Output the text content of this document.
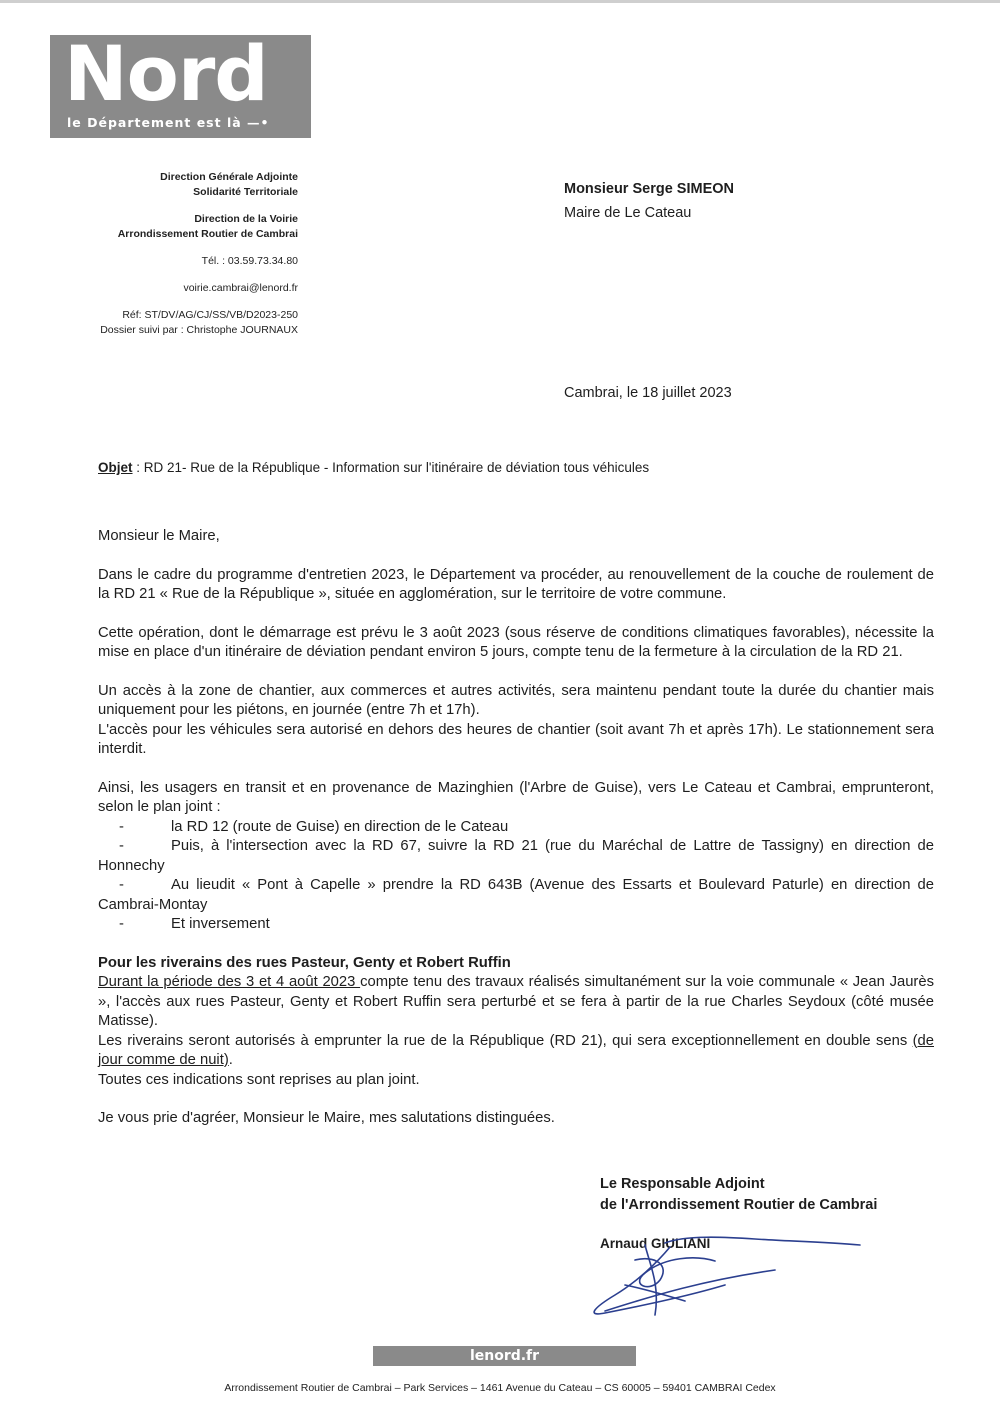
Nord
le Département est là —•
Direction Générale Adjointe
Solidarité Territoriale
Direction de la Voirie
Arrondissement Routier de Cambrai
Tél. : 03.59.73.34.80
voirie.cambrai@lenord.fr
Réf: ST/DV/AG/CJ/SS/VB/D2023-250
Dossier suivi par : Christophe JOURNAUX
Monsieur Serge SIMEON
Maire de Le Cateau
Cambrai, le 18 juillet 2023
Objet : RD 21- Rue de la République - Information sur l'itinéraire de déviation tous véhicules

Monsieur le Maire,

Dans le cadre du programme d'entretien 2023, le Département va procéder, au renouvellement de la couche de roulement de la RD 21 « Rue de la République », située en agglomération, sur le territoire de votre commune.

Cette opération, dont le démarrage est prévu le 3 août 2023 (sous réserve de conditions climatiques favorables), nécessite la mise en place d'un itinéraire de déviation pendant environ 5 jours, compte tenu de la fermeture à la circulation de la RD 21.

Un accès à la zone de chantier, aux commerces et autres activités, sera maintenu pendant toute la durée du chantier mais uniquement pour les piétons, en journée (entre 7h et 17h).

L'accès pour les véhicules sera autorisé en dehors des heures de chantier (soit avant 7h et après 17h). Le stationnement sera interdit.

Ainsi, les usagers en transit et en provenance de Mazinghien (l'Arbre de Guise), vers Le Cateau et Cambrai, emprunteront, selon le plan joint :

-	la RD 12 (route de Guise) en direction de le Cateau
-	Puis, à l'intersection avec la RD 67, suivre la RD 21 (rue du Maréchal de Lattre de Tassigny) en direction de Honnechy
-	Au lieudit « Pont à Capelle » prendre la RD 643B (Avenue des Essarts et Boulevard Paturle) en direction de Cambrai-Montay
-	Et inversement

Pour les riverains des rues Pasteur, Genty et Robert Ruffin

Durant la période des 3 et 4 août 2023 compte tenu des travaux réalisés simultanément sur la voie communale « Jean Jaurès », l'accès aux rues Pasteur, Genty et Robert Ruffin sera perturbé et se fera à partir de la rue Charles Seydoux (côté musée Matisse).

Les riverains seront autorisés à emprunter la rue de la République (RD 21), qui sera exceptionnellement en double sens (de jour comme de nuit).

Toutes ces indications sont reprises au plan joint.

Je vous prie d'agréer, Monsieur le Maire, mes salutations distinguées.

Le Responsable Adjoint
de l'Arrondissement Routier de Cambrai
Arnaud GIULIANI
lenord.fr
Arrondissement Routier de Cambrai – Park Services – 1461 Avenue du Cateau – CS 60005 – 59401 CAMBRAI Cedex
